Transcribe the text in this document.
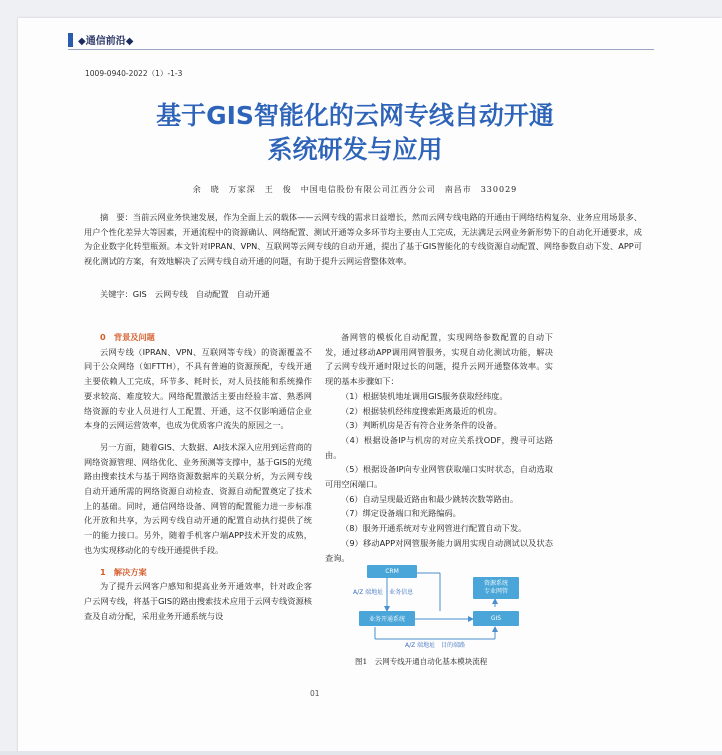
◆通信前沿◆
1009-0940-2022（1）-1-3
基于GIS智能化的云网专线自动开通
系统研发与应用
余　晓　万家深　王　俊　中国电信股份有限公司江西分公司　南昌市　330029
摘　要：当前云网业务快速发展，作为全面上云的载体——云网专线的需求日益增长，然而云网专线电路的开通由于网络结构复杂、业务应用场景多、用户个性化差异大等因素，开通流程中的资源确认、网络配置、测试开通等众多环节均主要由人工完成，无法满足云网业务新形势下的自动化开通要求，成为企业数字化转型瓶颈。本文针对IPRAN、VPN、互联网等云网专线的自动开通，提出了基于GIS智能化的专线资源自动配置、网络参数自动下发、APP可视化测试的方案，有效地解决了云网专线自动开通的问题，有助于提升云网运营整体效率。
关键字：GIS　云网专线　自动配置　自动开通

0　背景及问题

云网专线（IPRAN、VPN、互联网等专线）的资源覆盖不同于公众网络（如FTTH），不具有普遍的资源预配，专线开通主要依赖人工完成，环节多、耗时长，对人员技能和系统操作要求较高、难度较大。网络配置激活主要由经验丰富、熟悉网络资源的专业人员进行人工配置、开通，这不仅影响通信企业本身的云网运营效率，也成为优质客户流失的原因之一。

另一方面，随着GIS、大数据、AI技术深入应用到运营商的网络资源管理、网络优化、业务预测等支撑中，基于GIS的光缆路由搜索技术与基于网络资源数据库的关联分析，为云网专线自动开通所需的网络资源自动检查、资源自动配置奠定了技术上的基础。同时，通信网络设备、网管的配置能力进一步标准化开放和共享，为云网专线自动开通的配置自动执行提供了统一的能力接口。另外，随着手机客户端APP技术开发的成熟，也为实现移动化的专线开通提供手段。

1　解决方案

为了提升云网客户感知和提高业务开通效率，针对政企客户云网专线，将基于GIS的路由搜索技术应用于云网专线资源核查及自动分配，采用业务开通系统与设

备网管的模板化自动配置，实现网络参数配置的自动下发，通过移动APP调用网管服务，实现自动化测试功能，解决了云网专线开通时限过长的问题，提升云网开通整体效率。实现的基本步骤如下：

（1）根据装机地址调用GIS服务获取经纬度。

（2）根据装机经纬度搜索距离最近的机房。

（3）判断机房是否有符合业务条件的设备。

（4）根据设备IP与机房的对应关系找ODF，搜寻可达路由。

（5）根据设备IP向专业网管获取端口实时状态，自动选取可用空闲端口。

（6）自动呈现最近路由和最少跳转次数等路由。

（7）绑定设备端口和光路编码。

（8）服务开通系统对专业网管进行配置自动下发。

（9）移动APP对网管服务能力调用实现自动测试以及状态查询。

CRM
资源系统
专业网管
GIS
业务开通系统
A/Z 端地址　业务信息
A/Z 端地址　目的端路
图1　云网专线开通自动化基本模块流程
01
